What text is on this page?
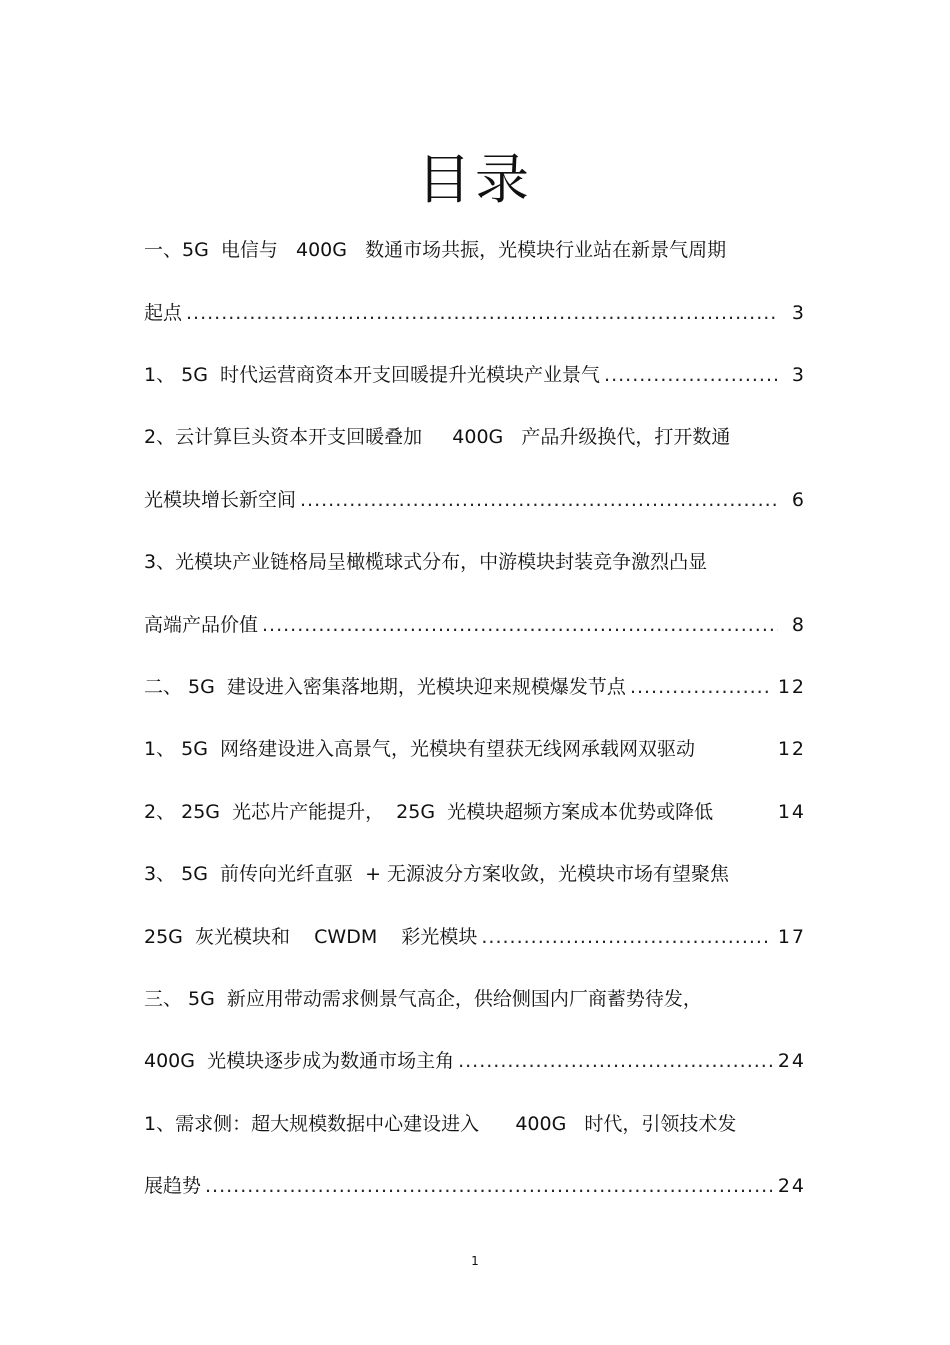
目录
一、5G  电信与   400G   数通市场共振，光模块行业站在新景气周期
起点 .....	3
1、 5G  时代运营商资本开支回暖提升光模块产业景气 .....	3
2、云计算巨头资本开支回暖叠加     400G   产品升级换代，打开数通
光模块增长新空间 .....	6
3、光模块产业链格局呈橄榄球式分布，中游模块封装竞争激烈凸显
高端产品价值 .....	8
二、 5G  建设进入密集落地期，光模块迎来规模爆发节点 .....	12
1、 5G  网络建设进入高景气，光模块有望获无线网承载网双驱动	12
2、 25G  光芯片产能提升，  25G  光模块超频方案成本优势或降低	14
3、 5G  前传向光纤直驱  + 无源波分方案收敛，光模块市场有望聚焦
25G  灰光模块和    CWDM    彩光模块 .....	17
三、 5G  新应用带动需求侧景气高企，供给侧国内厂商蓄势待发，
400G  光模块逐步成为数通市场主角 .....	24
1、需求侧：超大规模数据中心建设进入      400G   时代，引领技术发
展趋势 .....	24
1
